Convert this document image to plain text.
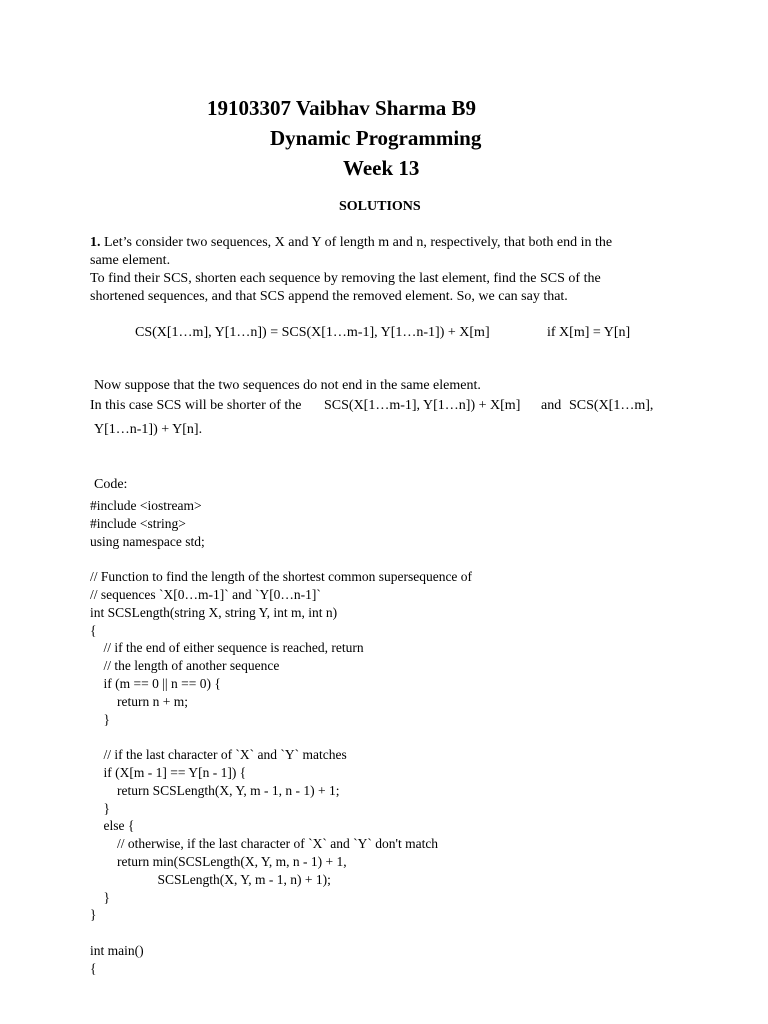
19103307 Vaibhav Sharma B9
Dynamic Programming
Week 13
SOLUTIONS
1. Let’s consider two sequences, X and Y of length m and n, respectively, that both end in the
same element.
To find their SCS, shorten each sequence by removing the last element, find the SCS of the
shortened sequences, and that SCS append the removed element. So, we can say that.
CS(X[1…m], Y[1…n]) = SCS(X[1…m-1], Y[1…n-1]) + X[m]	if X[m] = Y[n]
Now suppose that the two sequences do not end in the same element.
In this case SCS will be shorter of the SCS(X[1…m-1], Y[1…n]) + X[m] and SCS(X[1…m],
Y[1…n-1]) + Y[n].
Code:
#include <iostream>
#include <string>
using namespace std;
// Function to find the length of the shortest common supersequence of
// sequences `X[0…m-1]` and `Y[0…n-1]`
int SCSLength(string X, string Y, int m, int n)
{
// if the end of either sequence is reached, return
// the length of another sequence
if (m == 0 || n == 0) {
return n + m;
}
// if the last character of `X` and `Y` matches
if (X[m - 1] == Y[n - 1]) {
return SCSLength(X, Y, m - 1, n - 1) + 1;
}
else {
// otherwise, if the last character of `X` and `Y` don't match
return min(SCSLength(X, Y, m, n - 1) + 1,
SCSLength(X, Y, m - 1, n) + 1);
}
}
int main()
{
